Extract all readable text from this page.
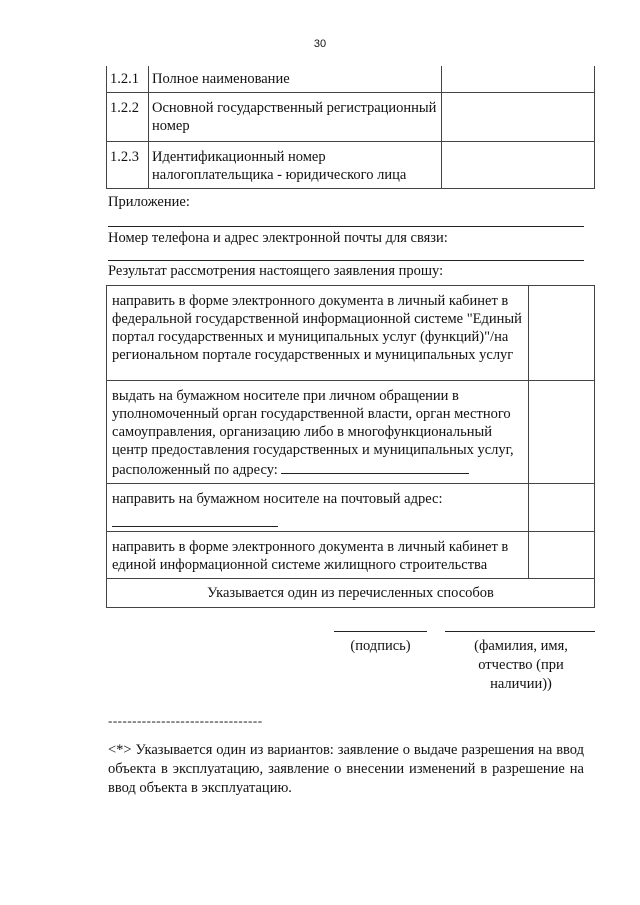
30
1.2.1	Полное наименование	
1.2.2	Основной государственный регистрационный номер	
1.2.3	Идентификационный номер налогоплательщика - юридического лица	
Приложение:
Номер телефона и адрес электронной почты для связи:
Результат рассмотрения настоящего заявления прошу:
направить в форме электронного документа в личный кабинет в федеральной государственной информационной системе "Единый портал государственных и муниципальных услуг (функций)"/на региональном портале государственных и муниципальных услуг	
выдать на бумажном носителе при личном обращении в уполномоченный орган государственной власти, орган местного самоуправления, организацию либо в многофункциональный центр предоставления государственных и муниципальных услуг, расположенный по адресу:	
направить на бумажном носителе на почтовый адрес:

направить в форме электронного документа в личный кабинет в единой информационной системе жилищного строительства	
Указывается один из перечисленных способов	
(подпись)	(фамилия, имя, отчество (при наличии))
--------------------------------
<*> Указывается один из вариантов: заявление о выдаче разрешения на ввод объекта в эксплуатацию, заявление о внесении изменений в разрешение на ввод объекта в эксплуатацию.
